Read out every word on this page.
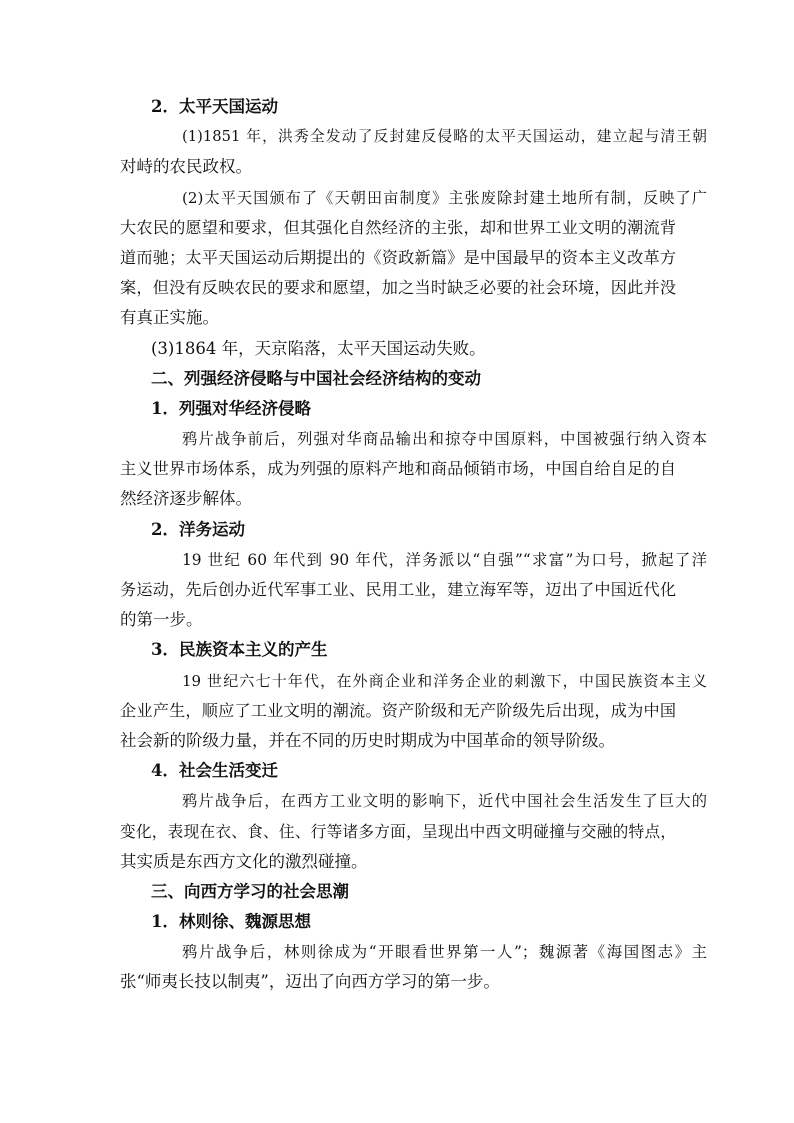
2．太平天国运动
(1)1851 年，洪秀全发动了反封建反侵略的太平天国运动，建立起与清王朝
对峙的农民政权。
(2)太平天国颁布了《天朝田亩制度》主张废除封建土地所有制，反映了广
大农民的愿望和要求，但其强化自然经济的主张，却和世界工业文明的潮流背
道而驰；太平天国运动后期提出的《资政新篇》是中国最早的资本主义改革方
案，但没有反映农民的要求和愿望，加之当时缺乏必要的社会环境，因此并没
有真正实施。
(3)1864 年，天京陷落，太平天国运动失败。
二、列强经济侵略与中国社会经济结构的变动
1．列强对华经济侵略
鸦片战争前后，列强对华商品输出和掠夺中国原料，中国被强行纳入资本
主义世界市场体系，成为列强的原料产地和商品倾销市场，中国自给自足的自
然经济逐步解体。
2．洋务运动
19 世纪 60 年代到 90 年代，洋务派以“自强”“求富”为口号，掀起了洋
务运动，先后创办近代军事工业、民用工业，建立海军等，迈出了中国近代化
的第一步。
3．民族资本主义的产生
19 世纪六七十年代，在外商企业和洋务企业的刺激下，中国民族资本主义
企业产生，顺应了工业文明的潮流。资产阶级和无产阶级先后出现，成为中国
社会新的阶级力量，并在不同的历史时期成为中国革命的领导阶级。
4．社会生活变迁
鸦片战争后，在西方工业文明的影响下，近代中国社会生活发生了巨大的
变化，表现在衣、食、住、行等诸多方面，呈现出中西文明碰撞与交融的特点，
其实质是东西方文化的激烈碰撞。
三、向西方学习的社会思潮
1．林则徐、魏源思想
鸦片战争后，林则徐成为“开眼看世界第一人”；魏源著《海国图志》主
张“师夷长技以制夷”，迈出了向西方学习的第一步。
